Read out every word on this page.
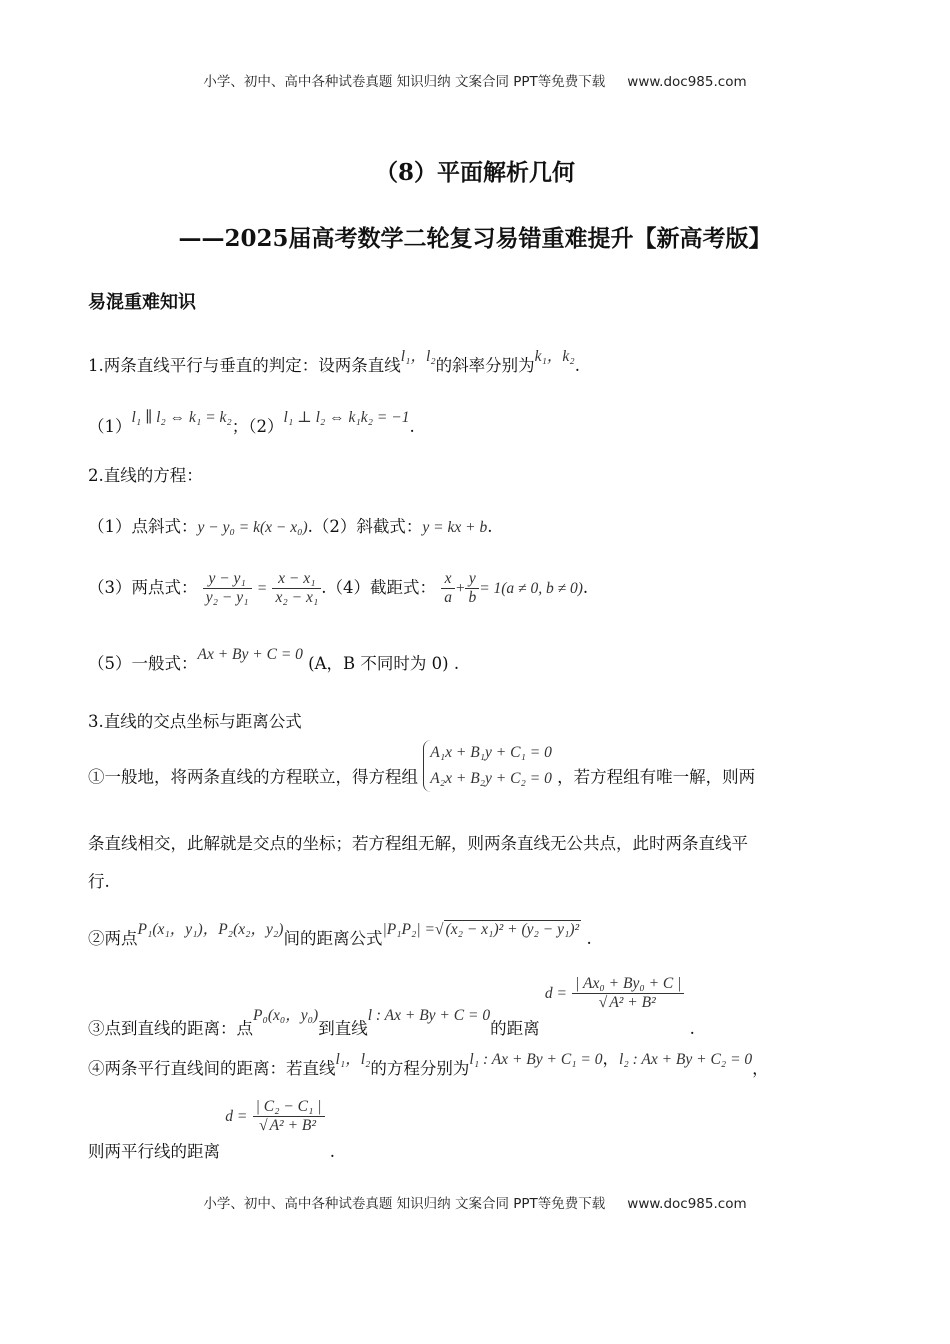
小学、初中、高中各种试卷真题 知识归纳 文案合同 PPT等免费下载 www.doc985.com
（8）平面解析几何
——2025届高考数学二轮复习易错重难提升【新高考版】
易混重难知识
1.两条直线平行与垂直的判定：设两条直线l₁，l₂的斜率分别为k₁，k₂.
（1）l₁ ∥ l₂ ⇔ k₁ = k₂；（2）l₁ ⊥ l₂ ⇔ k₁k₂ = −1.
2.直线的方程：
（1）点斜式：y − y₀ = k(x − x₀).（2）斜截式：y = kx + b.
（3）两点式： $\frac{\text{y − y₁}}{\text{y₂ − y₁}} = \frac{\text{x − x₁}}{\text{x₂ − x₁}} .(4)$截距式： $\frac{x}{a} + \frac{y}{b} = 1(a \ne 0$, b ≠ 0).
（5）一般式：Ax + By + C = 0 (A，B 不同时为 0) .
3.直线的交点坐标与距离公式
①一般地，将两条直线的方程联立，得方程组 A₁x + B₁y + C₁ = 0
A₂x + B₂y + C₂ = 0 ，若方程组有唯一解，则两
条直线相交，此解就是交点的坐标；若方程组无解，则两条直线无公共点，此时两条直线平
行.
②两点P₁(x₁，y₁)，P₂(x₂，y₂)间的距离公式|P₁P₂| =√ (x₂ − x₁)² + (y₂ − y₁)² .
③点到直线的距离：点P₀(x₀，y₀)到直线l : Ax + By + C = 0的距离 $d = \frac{\text{| Ax₀ + By₀ + C |}}{\text{√ A² + B²}}$
.
④两条平行直线间的距离：若直线l₁，l₂的方程分别为l₁ : Ax + By + C₁ = 0，l₂ : Ax + By + C₂ = 0，
则两平行线的距离 $d = \frac{\text{| C₂ − C₁ |}}{\text{√ A² + B²}}$
.
小学、初中、高中各种试卷真题 知识归纳 文案合同 PPT等免费下载 www.doc985.com
